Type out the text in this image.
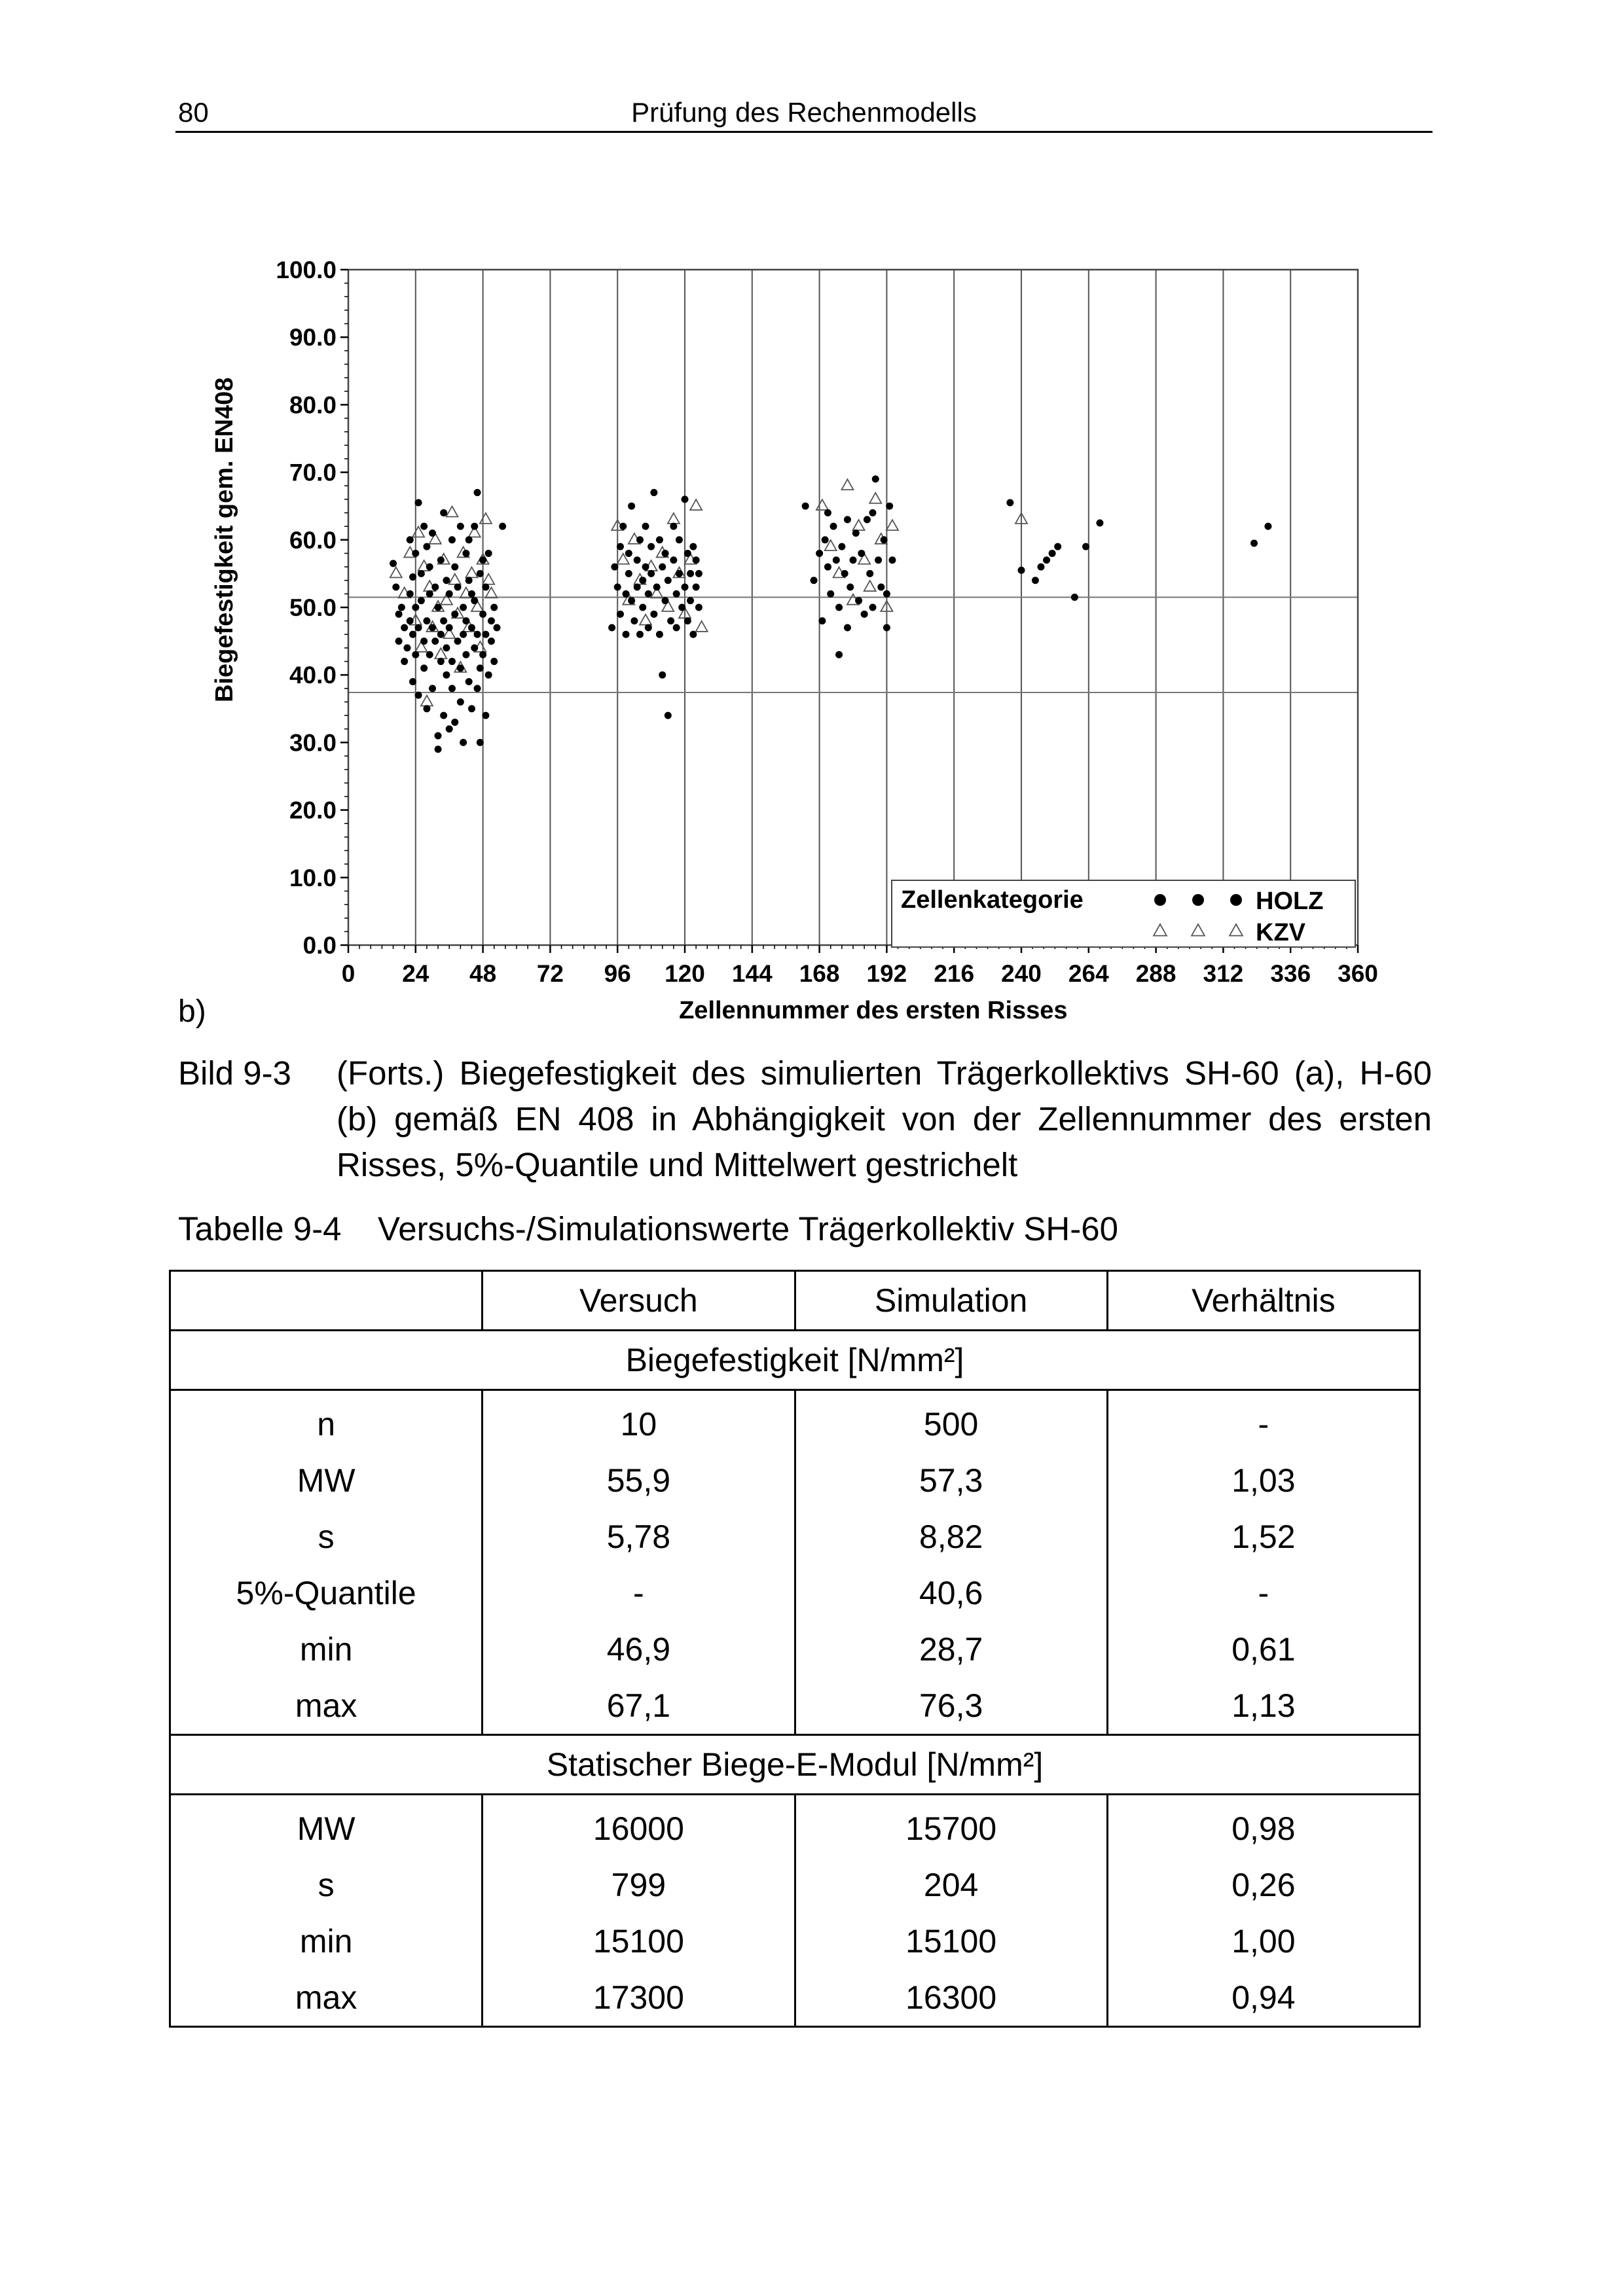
80	Prüfung des Rechenmodells
0.0
10.0
20.0
30.0
40.0
50.0
60.0
70.0
80.0
90.0
100.0
0 24 48 72 96 120 144 168 192 216 240 264 288 312 336 360
Zellennummer des ersten Risses
Biegefestigkeit gem. EN408
Zellenkategorie	HOLZ
KZV
b)
Bild 9-3 (Forts.) Biegefestigkeit des simulierten Trägerkollektivs SH-60 (a), H-60 (b) gemäß EN 408 in Abhängigkeit von der Zellennummer des ersten Risses, 5%-Quantile und Mittelwert gestrichelt
Tabelle 9-4 Versuchs-/Simulationswerte Trägerkollektiv SH-60
	Versuch	Simulation	Verhältnis
Biegefestigkeit [N/mm²]			
n	10	500	-
MW	55,9	57,3	1,03
s	5,78	8,82	1,52
5%-Quantile	-	40,6	-
min	46,9	28,7	0,61
max	67,1	76,3	1,13
Statischer Biege-E-Modul [N/mm²]			
MW	16000	15700	0,98
s	799	204	0,26
min	15100	15100	1,00
max	17300	16300	0,94
